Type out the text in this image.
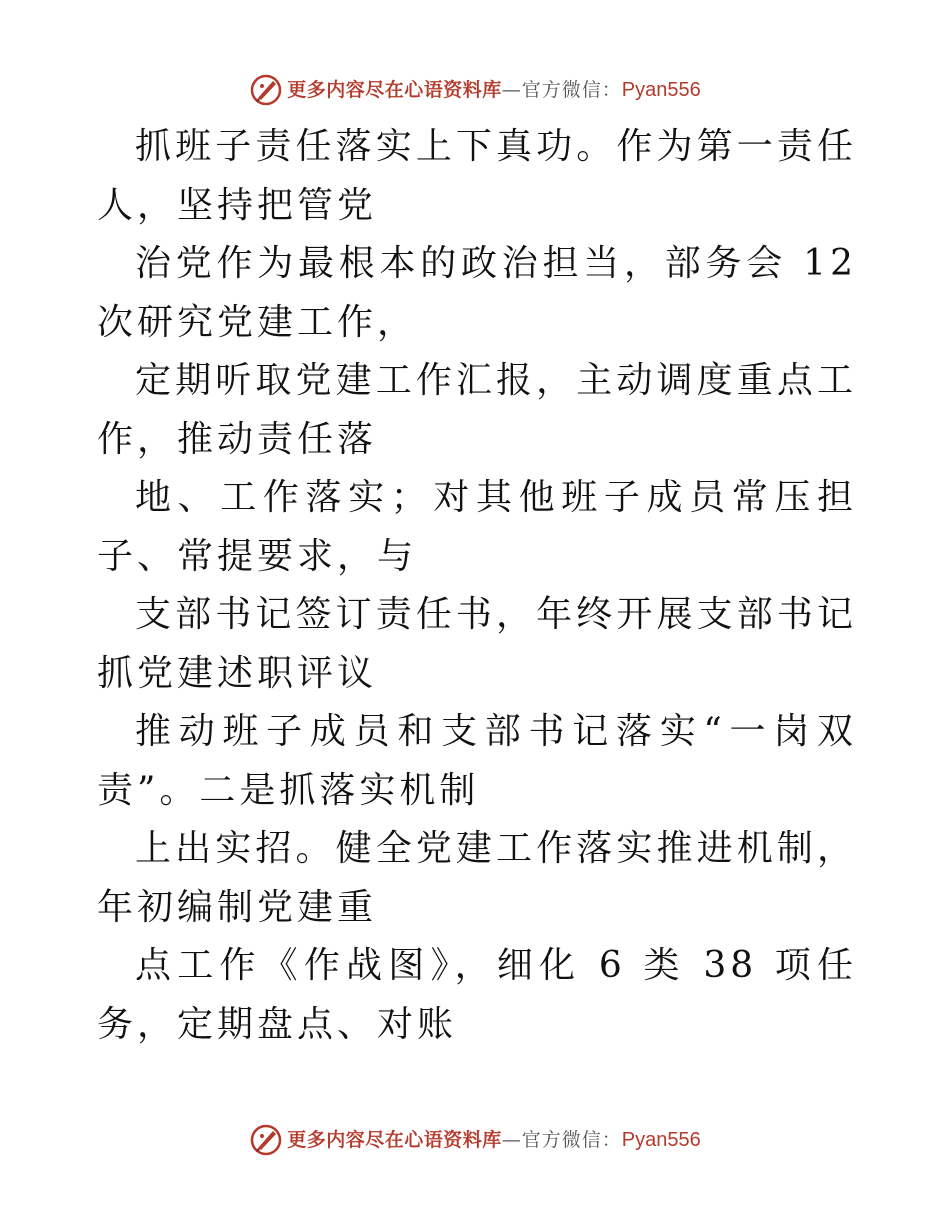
更多内容尽在心语资料库 — 官方微信： Pyan556

抓班子责任落实上下真功。作为第一责任人，坚持把管党

治党作为最根本的政治担当，部务会 12 次研究党建工作，

定期听取党建工作汇报，主动调度重点工作，推动责任落

地、工作落实；对其他班子成员常压担子、常提要求，与

支部书记签订责任书，年终开展支部书记抓党建述职评议

推动班子成员和支部书记落实“一岗双责”。二是抓落实机制

上出实招。健全党建工作落实推进机制，年初编制党建重

点工作《作战图》，细化 6 类 38 项任务，定期盘点、对账

更多内容尽在心语资料库 — 官方微信： Pyan556
